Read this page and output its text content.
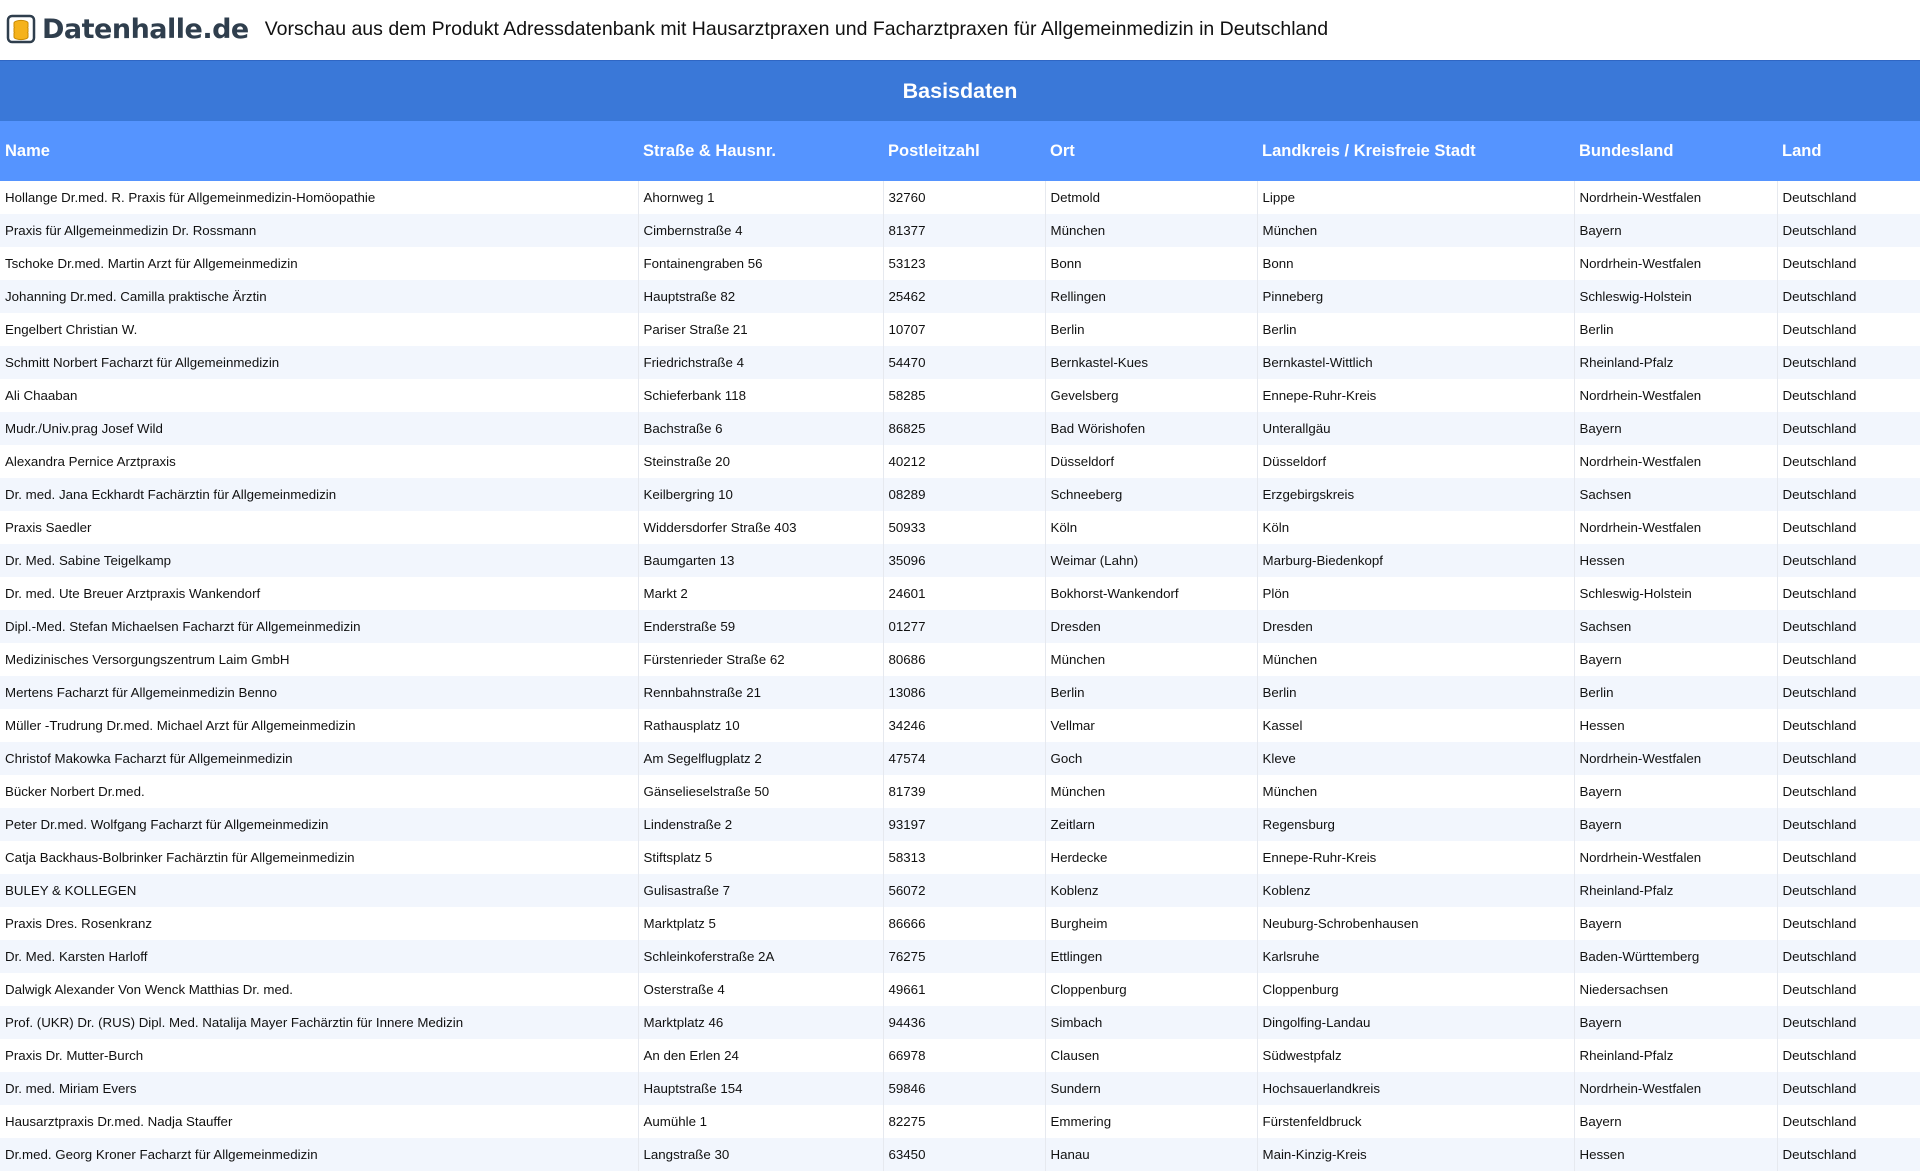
Datenhalle.de Vorschau aus dem Produkt Adressdatenbank mit Hausarztpraxen und Facharztpraxen für Allgemeinmedizin in Deutschland
Basisdaten
Name	Straße & Hausnr.	Postleitzahl	Ort	Landkreis / Kreisfreie Stadt	Bundesland	Land
Hollange Dr.med. R. Praxis für Allgemeinmedizin-Homöopathie	Ahornweg 1	32760	Detmold	Lippe	Nordrhein-Westfalen	Deutschland
Praxis für Allgemeinmedizin Dr. Rossmann	Cimbernstraße 4	81377	München	München	Bayern	Deutschland
Tschoke Dr.med. Martin Arzt für Allgemeinmedizin	Fontainengraben 56	53123	Bonn	Bonn	Nordrhein-Westfalen	Deutschland
Johanning Dr.med. Camilla praktische Ärztin	Hauptstraße 82	25462	Rellingen	Pinneberg	Schleswig-Holstein	Deutschland
Engelbert Christian W.	Pariser Straße 21	10707	Berlin	Berlin	Berlin	Deutschland
Schmitt Norbert Facharzt für Allgemeinmedizin	Friedrichstraße 4	54470	Bernkastel-Kues	Bernkastel-Wittlich	Rheinland-Pfalz	Deutschland
Ali Chaaban	Schieferbank 118	58285	Gevelsberg	Ennepe-Ruhr-Kreis	Nordrhein-Westfalen	Deutschland
Mudr./Univ.prag Josef Wild	Bachstraße 6	86825	Bad Wörishofen	Unterallgäu	Bayern	Deutschland
Alexandra Pernice Arztpraxis	Steinstraße 20	40212	Düsseldorf	Düsseldorf	Nordrhein-Westfalen	Deutschland
Dr. med. Jana Eckhardt Fachärztin für Allgemeinmedizin	Keilbergring 10	08289	Schneeberg	Erzgebirgskreis	Sachsen	Deutschland
Praxis Saedler	Widdersdorfer Straße 403	50933	Köln	Köln	Nordrhein-Westfalen	Deutschland
Dr. Med. Sabine Teigelkamp	Baumgarten 13	35096	Weimar (Lahn)	Marburg-Biedenkopf	Hessen	Deutschland
Dr. med. Ute Breuer Arztpraxis Wankendorf	Markt 2	24601	Bokhorst-Wankendorf	Plön	Schleswig-Holstein	Deutschland
Dipl.-Med. Stefan Michaelsen Facharzt für Allgemeinmedizin	Enderstraße 59	01277	Dresden	Dresden	Sachsen	Deutschland
Medizinisches Versorgungszentrum Laim GmbH	Fürstenrieder Straße 62	80686	München	München	Bayern	Deutschland
Mertens Facharzt für Allgemeinmedizin Benno	Rennbahnstraße 21	13086	Berlin	Berlin	Berlin	Deutschland
Müller -Trudrung Dr.med. Michael Arzt für Allgemeinmedizin	Rathausplatz 10	34246	Vellmar	Kassel	Hessen	Deutschland
Christof Makowka Facharzt für Allgemeinmedizin	Am Segelflugplatz 2	47574	Goch	Kleve	Nordrhein-Westfalen	Deutschland
Bücker Norbert Dr.med.	Gänselieselstraße 50	81739	München	München	Bayern	Deutschland
Peter Dr.med. Wolfgang Facharzt für Allgemeinmedizin	Lindenstraße 2	93197	Zeitlarn	Regensburg	Bayern	Deutschland
Catja Backhaus-Bolbrinker Fachärztin für Allgemeinmedizin	Stiftsplatz 5	58313	Herdecke	Ennepe-Ruhr-Kreis	Nordrhein-Westfalen	Deutschland
BULEY & KOLLEGEN	Gulisastraße 7	56072	Koblenz	Koblenz	Rheinland-Pfalz	Deutschland
Praxis Dres. Rosenkranz	Marktplatz 5	86666	Burgheim	Neuburg-Schrobenhausen	Bayern	Deutschland
Dr. Med. Karsten Harloff	Schleinkoferstraße 2A	76275	Ettlingen	Karlsruhe	Baden-Württemberg	Deutschland
Dalwigk Alexander Von Wenck Matthias Dr. med.	Osterstraße 4	49661	Cloppenburg	Cloppenburg	Niedersachsen	Deutschland
Prof. (UKR) Dr. (RUS) Dipl. Med. Natalija Mayer Fachärztin für Innere Medizin	Marktplatz 46	94436	Simbach	Dingolfing-Landau	Bayern	Deutschland
Praxis Dr. Mutter-Burch	An den Erlen 24	66978	Clausen	Südwestpfalz	Rheinland-Pfalz	Deutschland
Dr. med. Miriam Evers	Hauptstraße 154	59846	Sundern	Hochsauerlandkreis	Nordrhein-Westfalen	Deutschland
Hausarztpraxis Dr.med. Nadja Stauffer	Aumühle 1	82275	Emmering	Fürstenfeldbruck	Bayern	Deutschland
Dr.med. Georg Kroner Facharzt für Allgemeinmedizin	Langstraße 30	63450	Hanau	Main-Kinzig-Kreis	Hessen	Deutschland
